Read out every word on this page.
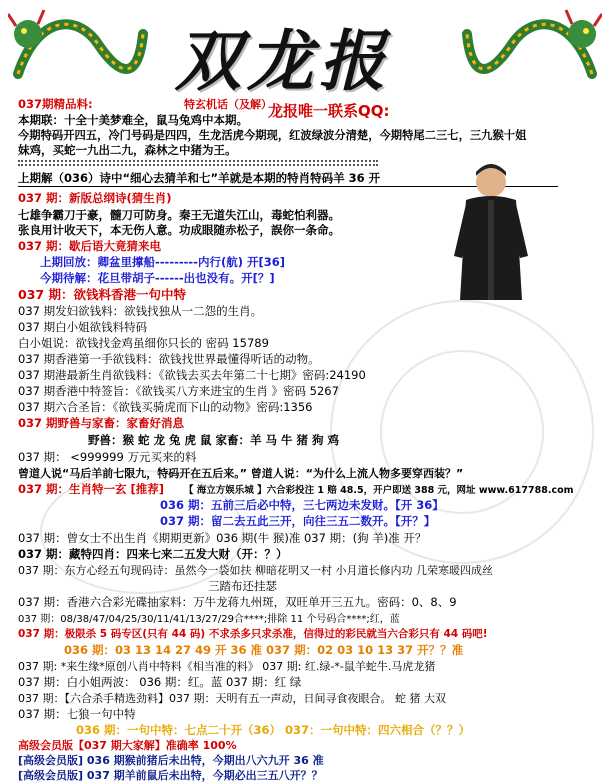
双龙报
037期精品料:	特玄机话（及解）
龙报唯一联系QQ:
本期联：十全十美梦难全，鼠马兔鸡中本期。
今期特码开四五，冷门号码是四四，生龙活虎今期现，红波绿波分清楚，今期特尾二三七，三九猴十姐
妹鸡，买蛇一九出二九，森林之中猪为王。
上期解（036）诗中“细心去猜羊和七”羊就是本期的特肖特码羊 36 开
037 期：新版总纲诗(猜生肖)
七雄争霸刀于豪，髓刀可防身。秦王无道失江山，毒蛇怕利器。
张良用计收天下，本无伤人意。功成眼随赤松子，誤你一条命。
037 期：歇后语大竟猜来电
上期回放：卿盆里撑船---------内行(航) 开[36]
今期待解：花旦带胡子------出也没有。开[？]
037 期：欲钱料香港一句中特
037 期发妇欲钱料：欲钱找独从一二怨的生肖。
037 期白小姐欲钱料特码
白小姐说：欲钱找金鸡虽细你只长的 密码 15789
037 期香港第一手欲钱料：欲钱找世界最懂得听话的动物。
037 期港最新生肖欲钱料：《欲钱去买去年第二十七期》密码:24190
037 期香港中特签旨：《欲钱买八方来进宝的生肖 》密码 5267
037 期六合圣旨：《欲钱买骑虎而下山的动物》密码:1356
037 期野兽与家畜：家畜好消息
野兽：猴 蛇 龙 兔 虎 鼠 家畜：羊 马 牛 猪 狗 鸡
037 期： <999999 万元买来的料
曾道人说“马后羊前七限九，特码开在五后来。” 曾道人说：“为什么上流人物多要穿西装？”
037 期：生肖特一玄 [推荐] 【 海立方娱乐城 】六合彩投注 1 赔 48.5，开户即送 388 元，网址 www.617788.com
036 期：五前三后必中特，三七两边未发财。【开 36】
037 期：留二去五此三开，向往三五二数开。【开？】
037 期：曾女士不出生肖《期期更新》036 期(牛 猴)准 037 期：(狗 羊)准 开？
037 期：藏特四肖：四来七来二五发大财（开：？）
037 期：东方心经五句现码诗：虽然今一袋如扶 柳暗花明又一村 小月道长修内功 几荣寒暖四成丝
三踏布还挂瑟
037 期：香港六合彩光碟抽家料：万牛龙蒋九州斑，双旺单开三五九。密码：0、8、9
037 期：08/38/47/04/25/30/11/41/13/27/29合****;排除 11 个号码合****;红，蓝
037 期：极限杀 5 码专区(只有 44 码) 不求杀多只求杀准，信得过的彩民就当六合彩只有 44 码吧!
036 期：03 13 14 27 49 开 36 准 037 期：02 03 10 13 37 开？？准
037 期: *来生缘*原创八肖中特料《相当准的料》 037 期: 红.绿-*-鼠羊蛇牛.马虎龙猪
037 期：白小姐两波： 036 期：红。蓝 037 期：红 绿
037 期：【六合杀手精选劲料】037 期：天明有五一声动，日间寻食夜眼合。 蛇 猪 大双
037 期：七狼一句中特
036 期：一句中特：七点二十开（36） 037：一句中特：四六相合（？？）
高级会员版【037 期大家解】准确率 100%
[高级会员版] 036 期猴前猪后未出特，今期出八六九开 36 准
[高级会员版] 037 期羊前鼠后未出特，今期必出三五八开？？
